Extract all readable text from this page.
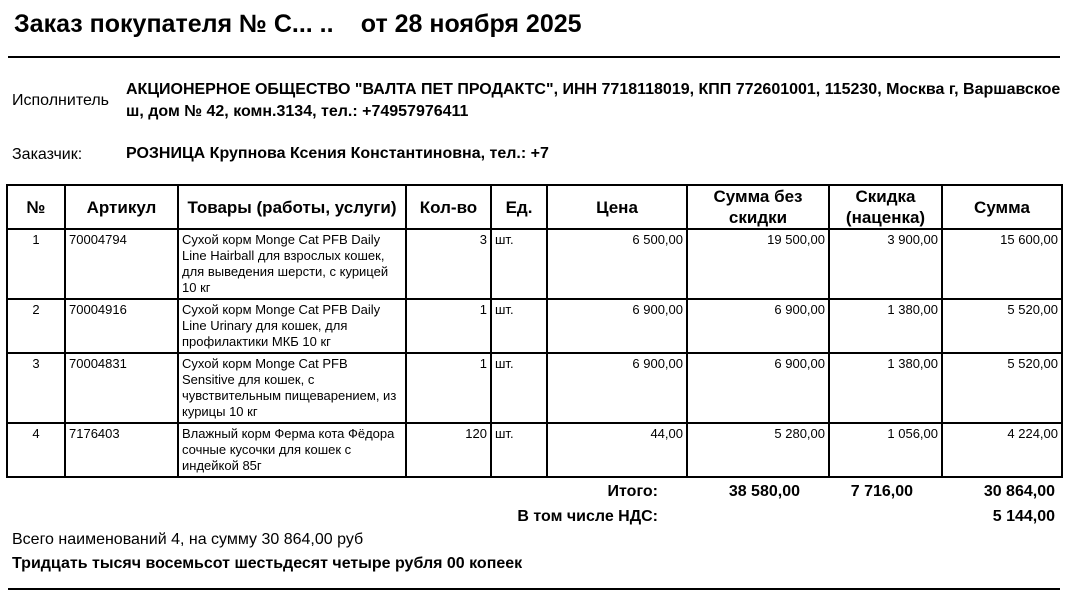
Заказ покупателя № С... .. от 28 ноября 2025
Исполнитель
АКЦИОНЕРНОЕ ОБЩЕСТВО "ВАЛТА ПЕТ ПРОДАКТС", ИНН 7718118019, КПП 772601001, 115230, Москва г, Варшавское ш, дом № 42, комн.3134, тел.: +74957976411
Заказчик:	РОЗНИЦА Крупнова Ксения Константиновна, тел.: +7
№	Артикул	Товары (работы, услуги)	Кол-во	Ед.	Цена	Сумма без скидки	Скидка (наценка)	Сумма
1	70004794	Сухой корм Monge Cat PFB Daily Line Hairball для взрослых кошек, для выведения шерсти, с курицей 10 кг	3	шт.	6 500,00	19 500,00	3 900,00	15 600,00
2	70004916	Сухой корм Monge Cat PFB Daily Line Urinary для кошек, для профилактики МКБ 10 кг	1	шт.	6 900,00	6 900,00	1 380,00	5 520,00
3	70004831	Сухой корм Monge Cat PFB Sensitive для кошек, с чувствительным пищеварением, из курицы 10 кг	1	шт.	6 900,00	6 900,00	1 380,00	5 520,00
4	7176403	Влажный корм Ферма кота Фёдора сочные кусочки для кошек с индейкой 85г	120	шт.	44,00	5 280,00	1 056,00	4 224,00
Итого:	38 580,00	7 716,00	30 864,00
В том числе НДС:	5 144,00
Всего наименований 4, на сумму 30 864,00 руб
Тридцать тысяч восемьсот шестьдесят четыре рубля 00 копеек
